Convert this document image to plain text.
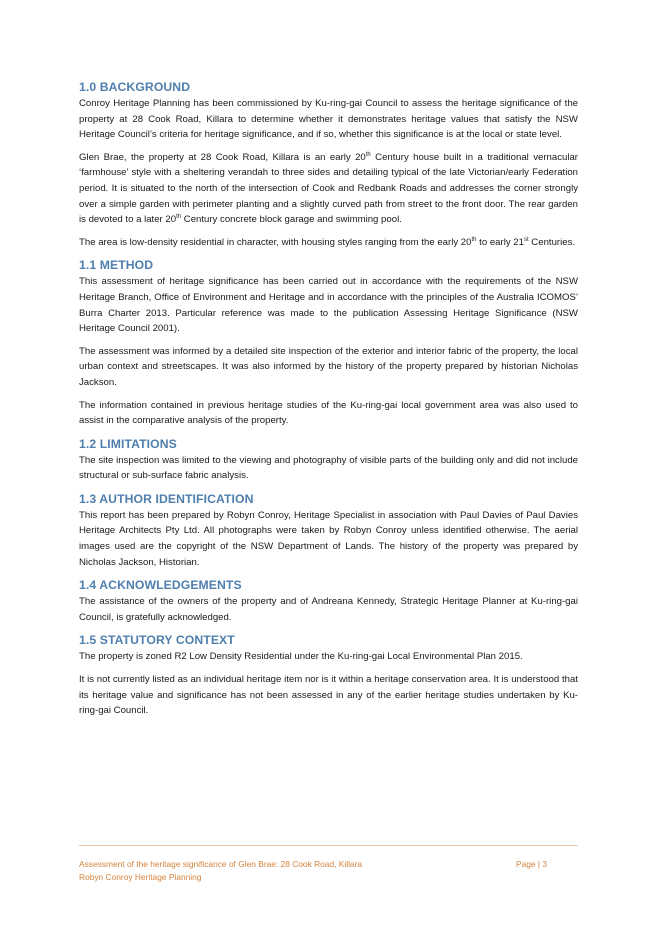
1.0 BACKGROUND

Conroy Heritage Planning has been commissioned by Ku-ring-gai Council to assess the heritage significance of the property at 28 Cook Road, Killara to determine whether it demonstrates heritage values that satisfy the NSW Heritage Council’s criteria for heritage significance, and if so, whether this significance is at the local or state level.

Glen Brae, the property at 28 Cook Road, Killara is an early 20th Century house built in a traditional vernacular ‘farmhouse’ style with a sheltering verandah to three sides and detailing typical of the late Victorian/early Federation period. It is situated to the north of the intersection of Cook and Redbank Roads and addresses the corner strongly over a simple garden with perimeter planting and a slightly curved path from street to the front door. The rear garden is devoted to a later 20th Century concrete block garage and swimming pool.

The area is low-density residential in character, with housing styles ranging from the early 20th to early 21st Centuries.

1.1 METHOD

This assessment of heritage significance has been carried out in accordance with the requirements of the NSW Heritage Branch, Office of Environment and Heritage and in accordance with the principles of the Australia ICOMOS’ Burra Charter 2013. Particular reference was made to the publication Assessing Heritage Significance (NSW Heritage Council 2001).

The assessment was informed by a detailed site inspection of the exterior and interior fabric of the property, the local urban context and streetscapes. It was also informed by the history of the property prepared by historian Nicholas Jackson.

The information contained in previous heritage studies of the Ku-ring-gai local government area was also used to assist in the comparative analysis of the property.

1.2 LIMITATIONS

The site inspection was limited to the viewing and photography of visible parts of the building only and did not include structural or sub-surface fabric analysis.

1.3 AUTHOR IDENTIFICATION

This report has been prepared by Robyn Conroy, Heritage Specialist in association with Paul Davies of Paul Davies Heritage Architects Pty Ltd. All photographs were taken by Robyn Conroy unless identified otherwise. The aerial images used are the copyright of the NSW Department of Lands. The history of the property was prepared by Nicholas Jackson, Historian.

1.4 ACKNOWLEDGEMENTS

The assistance of the owners of the property and of Andreana Kennedy, Strategic Heritage Planner at Ku-ring-gai Council, is gratefully acknowledged.

1.5 STATUTORY CONTEXT

The property is zoned R2 Low Density Residential under the Ku-ring-gai Local Environmental Plan 2015.

It is not currently listed as an individual heritage item nor is it within a heritage conservation area. It is understood that its heritage value and significance has not been assessed in any of the earlier heritage studies undertaken by Ku-ring-gai Council.

Assessment of the heritage significance of Glen Brae: 28 Cook Road, Killara
Robyn Conroy Heritage Planning
Page | 3
